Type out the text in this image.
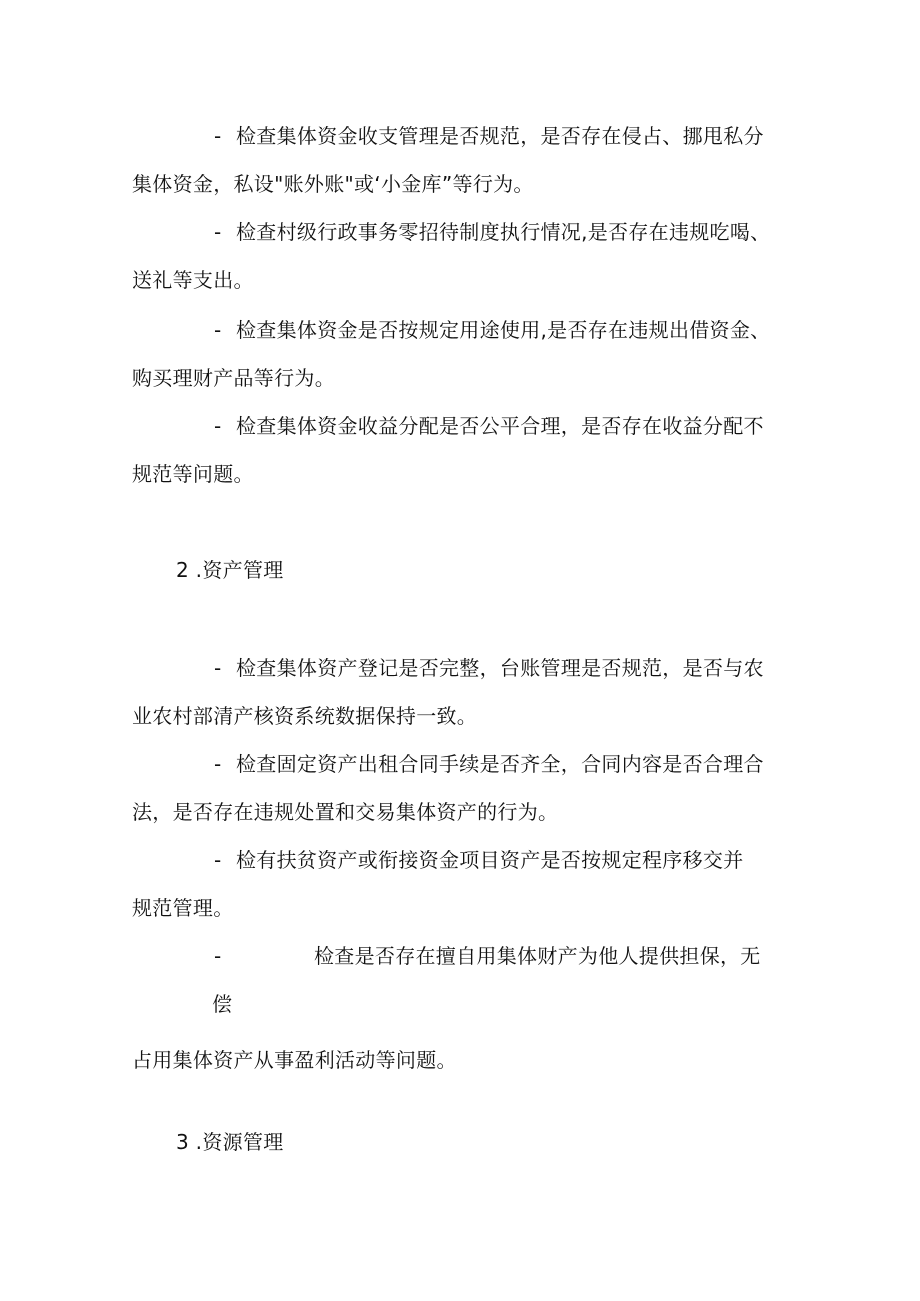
- 检查集体资金收支管理是否规范，是否存在侵占、挪甩私分
集体资金，私设"账外账"或‘小金库”等行为。
- 检查村级行政事务零招待制度执行情况,是否存在违规吃喝、
送礼等支出。
- 检查集体资金是否按规定用途使用,是否存在违规出借资金、
购买理财产品等行为。
- 检查集体资金收益分配是否公平合理，是否存在收益分配不
规范等问题。
2 .资产管理
- 检查集体资产登记是否完整，台账管理是否规范，是否与农
业农村部清产核资系统数据保持一致。
- 检查固定资产出租合同手续是否齐全，合同内容是否合理合
法，是否存在违规处置和交易集体资产的行为。
- 检有扶贫资产或衔接资金项目资产是否按规定程序移交并
规范管理。
-	检查是否存在擅自用集体财产为他人提供担保，无
偿
占用集体资产从事盈利活动等问题。
3 .资源管理
